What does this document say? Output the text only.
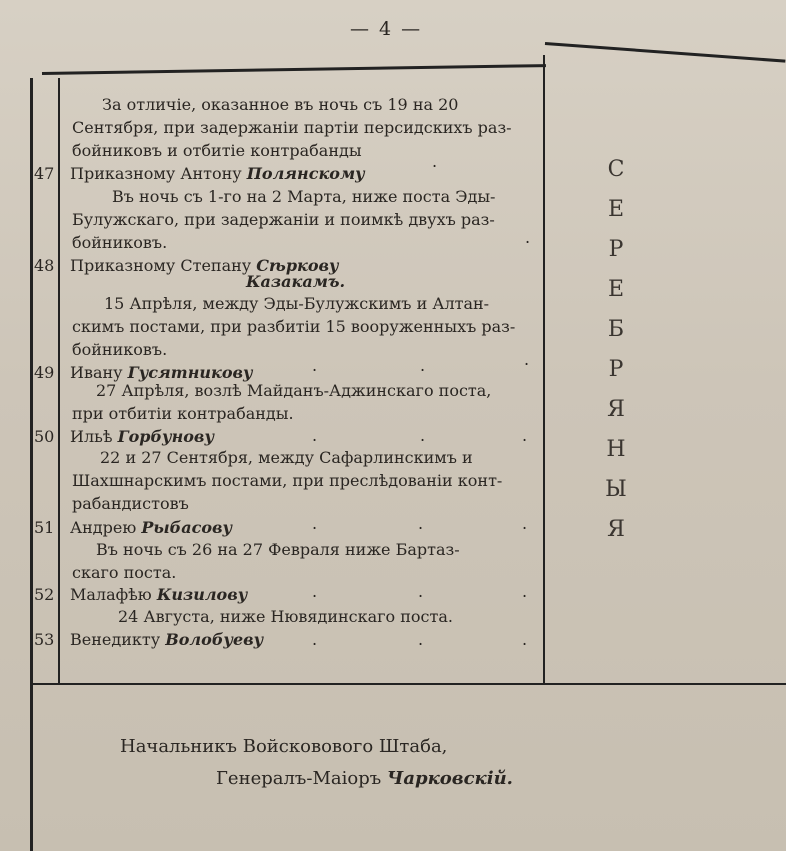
— 4 —
За отличіе, оказанное въ ночь съ 19 на 20
Сентября, при задержаніи партіи персидскихъ раз-
бойниковъ и отбитіе контрабанды
47 Приказному Антону Полянскому
.
Въ ночь съ 1-го на 2 Марта, ниже поста Эды-
Булужскаго, при задержаніи и поимкѣ двухъ раз-
бойниковъ.	.
48 Приказному Степану Сѣркову
Казакамъ.
15 Апрѣля, между Эды-Булужскимъ и Алтан-
скимъ постами, при разбитіи 15 вооруженныхъ раз-
бойниковъ.
49 Ивану Гусятникову	.	.	.
27 Апрѣля, возлѣ Майданъ-Аджинскаго поста,
при отбитіи контрабанды.
50 Ильѣ Горбунову	.	.	.
22 и 27 Сентября, между Сафарлинскимъ и
Шахшнарскимъ постами, при преслѣдованіи конт-
рабандистовъ
51 Андрею Рыбасову	.	.	.
Въ ночь съ 26 на 27 Февраля ниже Бартаз-
скаго поста.
52 Малафѣю Кизилову	.	.	.
24 Августа, ниже Нювядинскаго поста.
53 Венедикту Волобуеву	.	.	.
СЕРЕБРЯНЫЯ
Начальникъ Войсковового Штаба,
Генералъ-Маіоръ Чарковскій.
